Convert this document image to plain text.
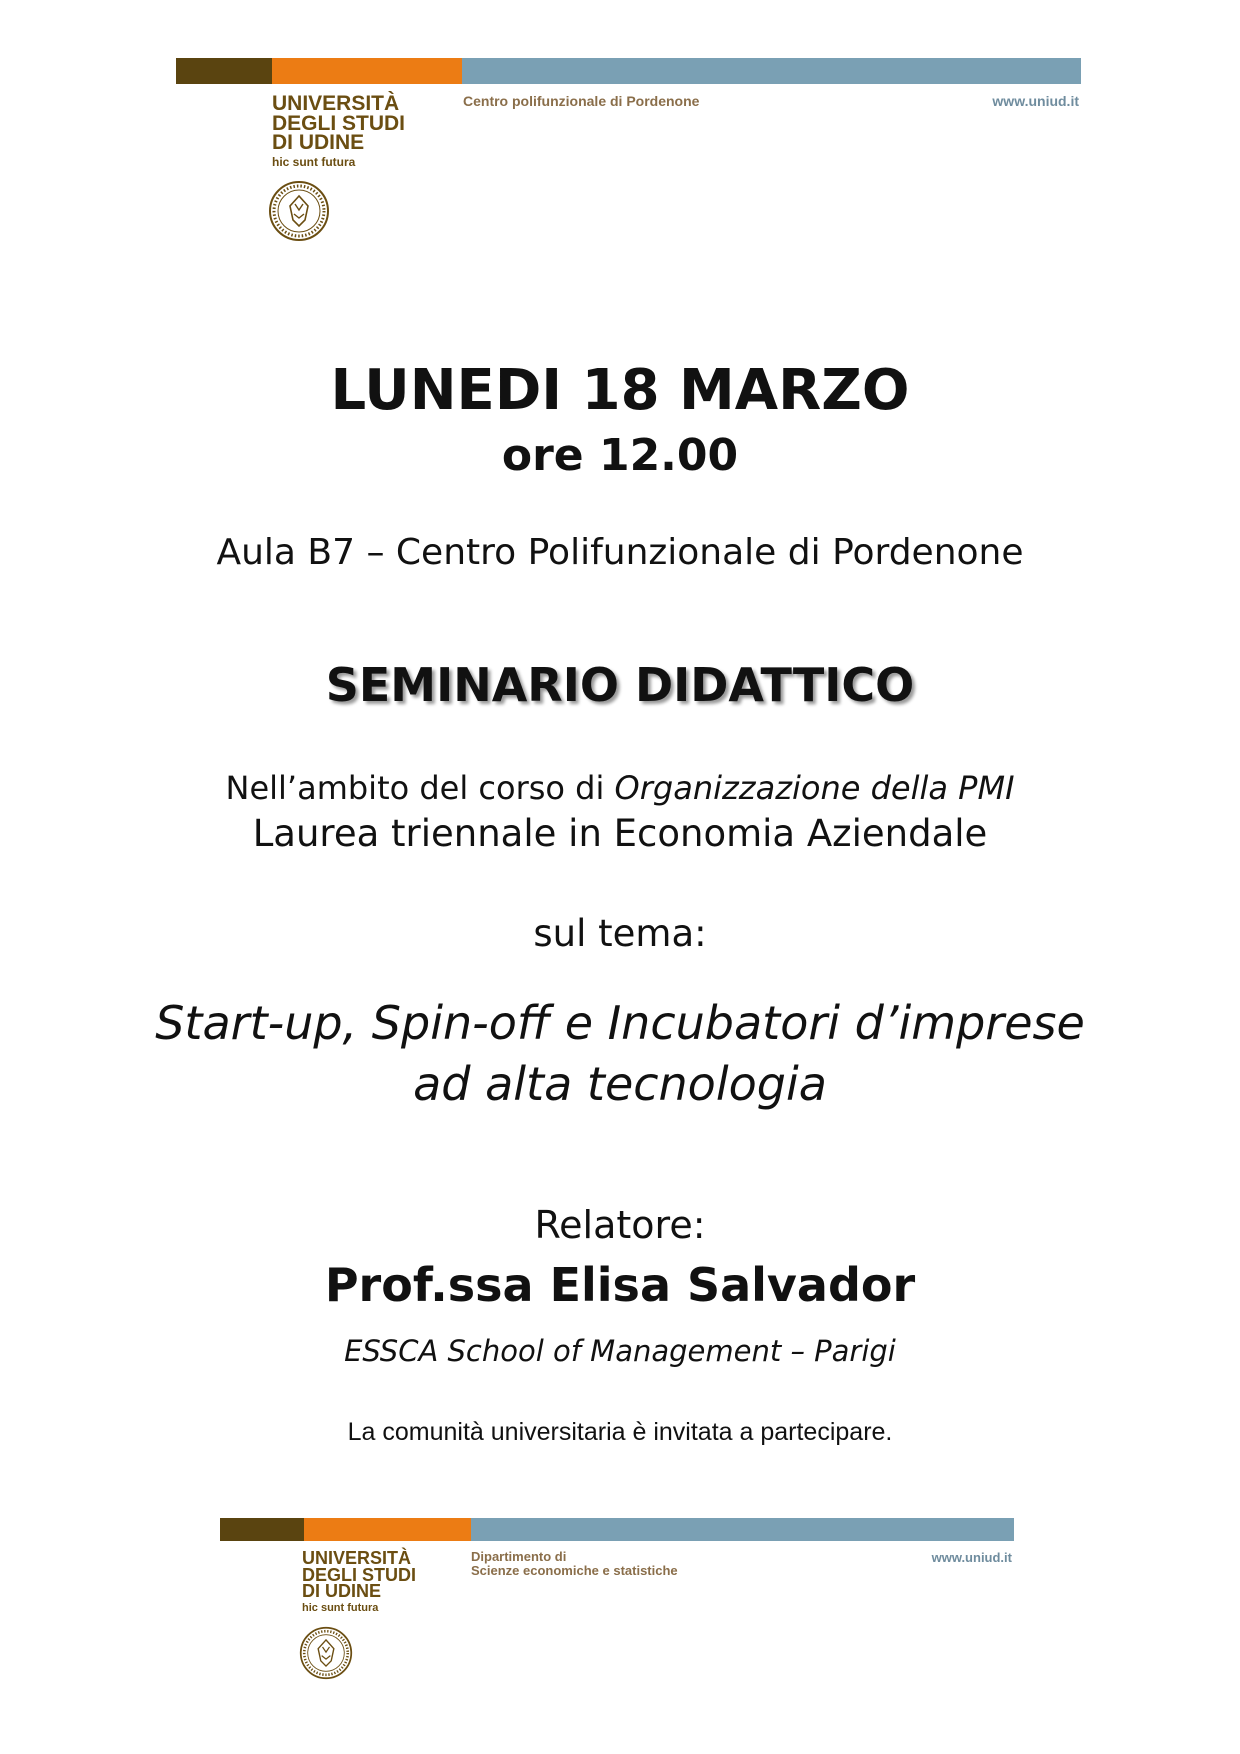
UNIVERSITÀ
DEGLI STUDI
DI UDINE
hic sunt futura
Centro polifunzionale di Pordenone	www.uniud.it
LUNEDI 18 MARZO
ore 12.00
Aula B7 – Centro Polifunzionale di Pordenone
SEMINARIO DIDATTICO
Nell’ambito del corso di Organizzazione della PMI
Laurea triennale in Economia Aziendale
sul tema:
Start-up, Spin-off e Incubatori d’imprese
ad alta tecnologia
Relatore:
Prof.ssa Elisa Salvador
ESSCA School of Management – Parigi
La comunità universitaria è invitata a partecipare.
UNIVERSITÀ
DEGLI STUDI
DI UDINE
hic sunt futura
Dipartimento di
Scienze economiche e statistiche
www.uniud.it
